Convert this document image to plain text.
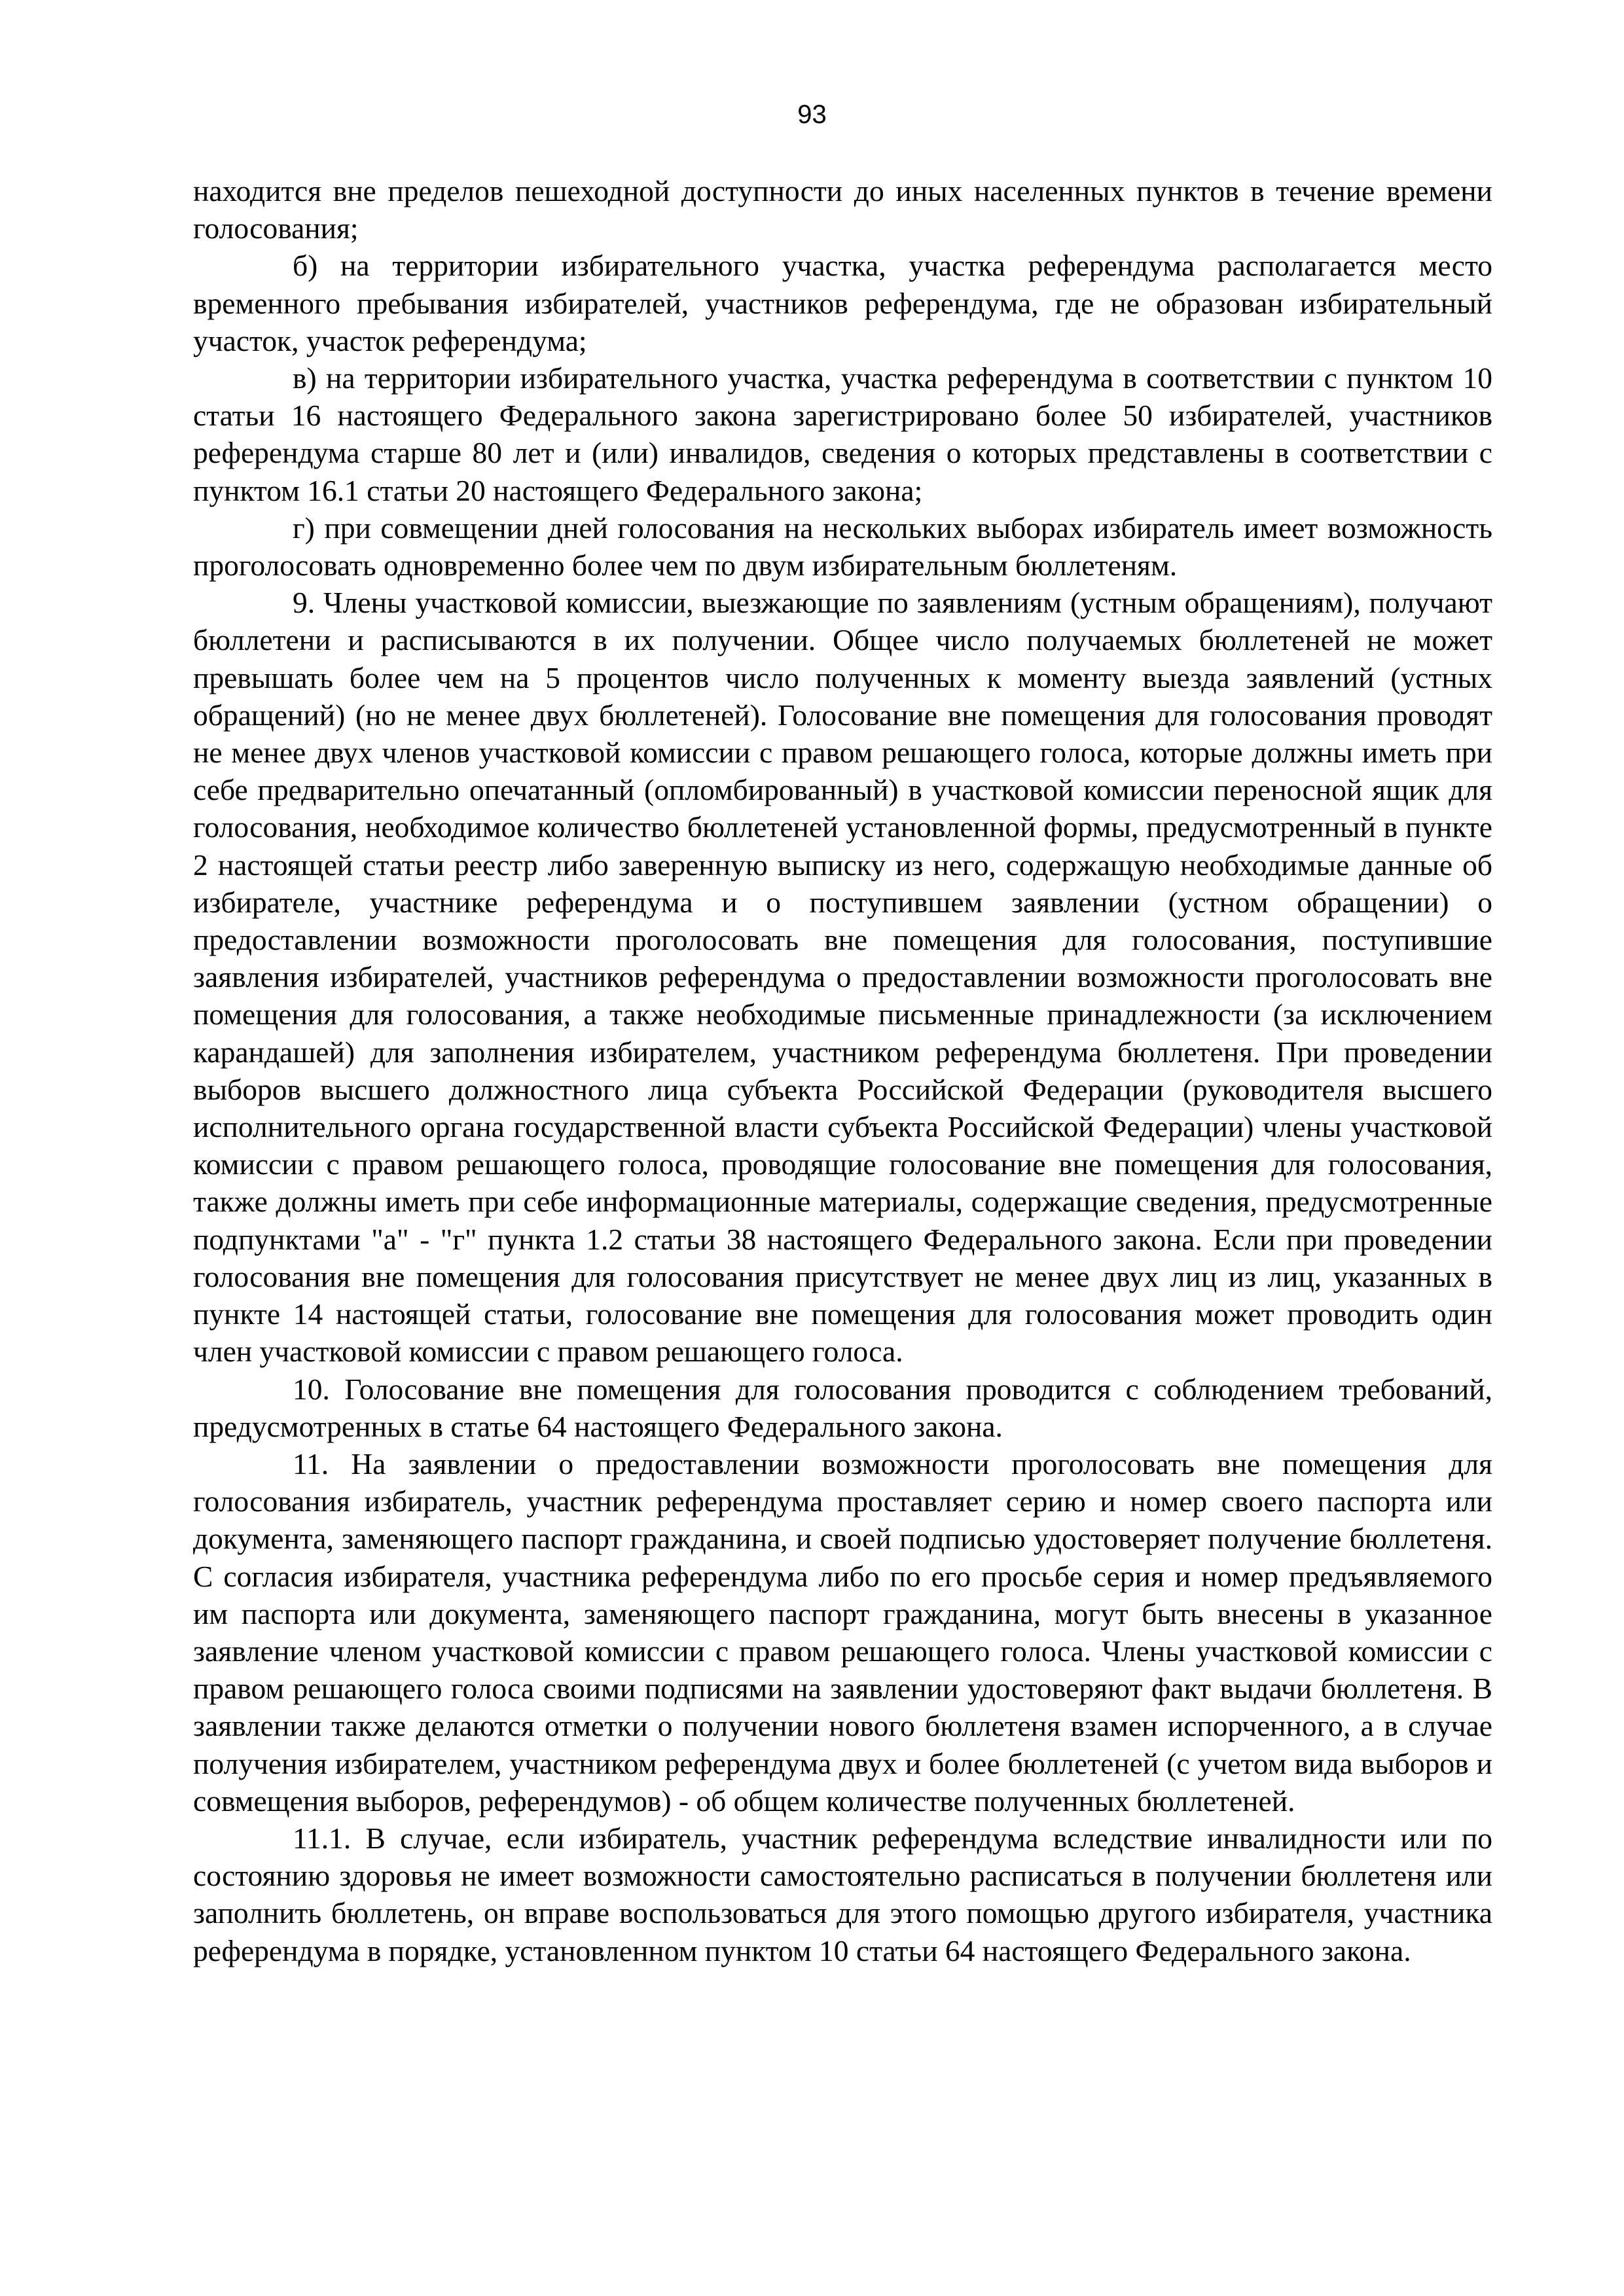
93

находится вне пределов пешеходной доступности до иных населенных пунктов в течение времени голосования;

б) на территории избирательного участка, участка референдума располагается место временного пребывания избирателей, участников референдума, где не образован избирательный участок, участок референдума;

в) на территории избирательного участка, участка референдума в соответствии с пунктом 10 статьи 16 настоящего Федерального закона зарегистрировано более 50 избирателей, участников референдума старше 80 лет и (или) инвалидов, сведения о которых представлены в соответствии с пунктом 16.1 статьи 20 настоящего Федерального закона;

г) при совмещении дней голосования на нескольких выборах избиратель имеет возможность проголосовать одновременно более чем по двум избирательным бюллетеням.

9. Члены участковой комиссии, выезжающие по заявлениям (устным обращениям), получают бюллетени и расписываются в их получении. Общее число получаемых бюллетеней не может превышать более чем на 5 процентов число полученных к моменту выезда заявлений (устных обращений) (но не менее двух бюллетеней). Голосование вне помещения для голосования проводят не менее двух членов участковой комиссии с правом решающего голоса, которые должны иметь при себе предварительно опечатанный (опломбированный) в участковой комиссии переносной ящик для голосования, необходимое количество бюллетеней установленной формы, предусмотренный в пункте 2 настоящей статьи реестр либо заверенную выписку из него, содержащую необходимые данные об избирателе, участнике референдума и о поступившем заявлении (устном обращении) о предоставлении возможности проголосовать вне помещения для голосования, поступившие заявления избирателей, участников референдума о предоставлении возможности проголосовать вне помещения для голосования, а также необходимые письменные принадлежности (за исключением карандашей) для заполнения избирателем, участником референдума бюллетеня. При проведении выборов высшего должностного лица субъекта Российской Федерации (руководителя высшего исполнительного органа государственной власти субъекта Российской Федерации) члены участковой комиссии с правом решающего голоса, проводящие голосование вне помещения для голосования, также должны иметь при себе информационные материалы, содержащие сведения, предусмотренные подпунктами "а" - "г" пункта 1.2 статьи 38 настоящего Федерального закона. Если при проведении голосования вне помещения для голосования присутствует не менее двух лиц из лиц, указанных в пункте 14 настоящей статьи, голосование вне помещения для голосования может проводить один член участковой комиссии с правом решающего голоса.

10. Голосование вне помещения для голосования проводится с соблюдением требований, предусмотренных в статье 64 настоящего Федерального закона.

11. На заявлении о предоставлении возможности проголосовать вне помещения для голосования избиратель, участник референдума проставляет серию и номер своего паспорта или документа, заменяющего паспорт гражданина, и своей подписью удостоверяет получение бюллетеня. С согласия избирателя, участника референдума либо по его просьбе серия и номер предъявляемого им паспорта или документа, заменяющего паспорт гражданина, могут быть внесены в указанное заявление членом участковой комиссии с правом решающего голоса. Члены участковой комиссии с правом решающего голоса своими подписями на заявлении удостоверяют факт выдачи бюллетеня. В заявлении также делаются отметки о получении нового бюллетеня взамен испорченного, а в случае получения избирателем, участником референдума двух и более бюллетеней (с учетом вида выборов и совмещения выборов, референдумов) - об общем количестве полученных бюллетеней.

11.1. В случае, если избиратель, участник референдума вследствие инвалидности или по состоянию здоровья не имеет возможности самостоятельно расписаться в получении бюллетеня или заполнить бюллетень, он вправе воспользоваться для этого помощью другого избирателя, участника референдума в порядке, установленном пунктом 10 статьи 64 настоящего Федерального закона.
